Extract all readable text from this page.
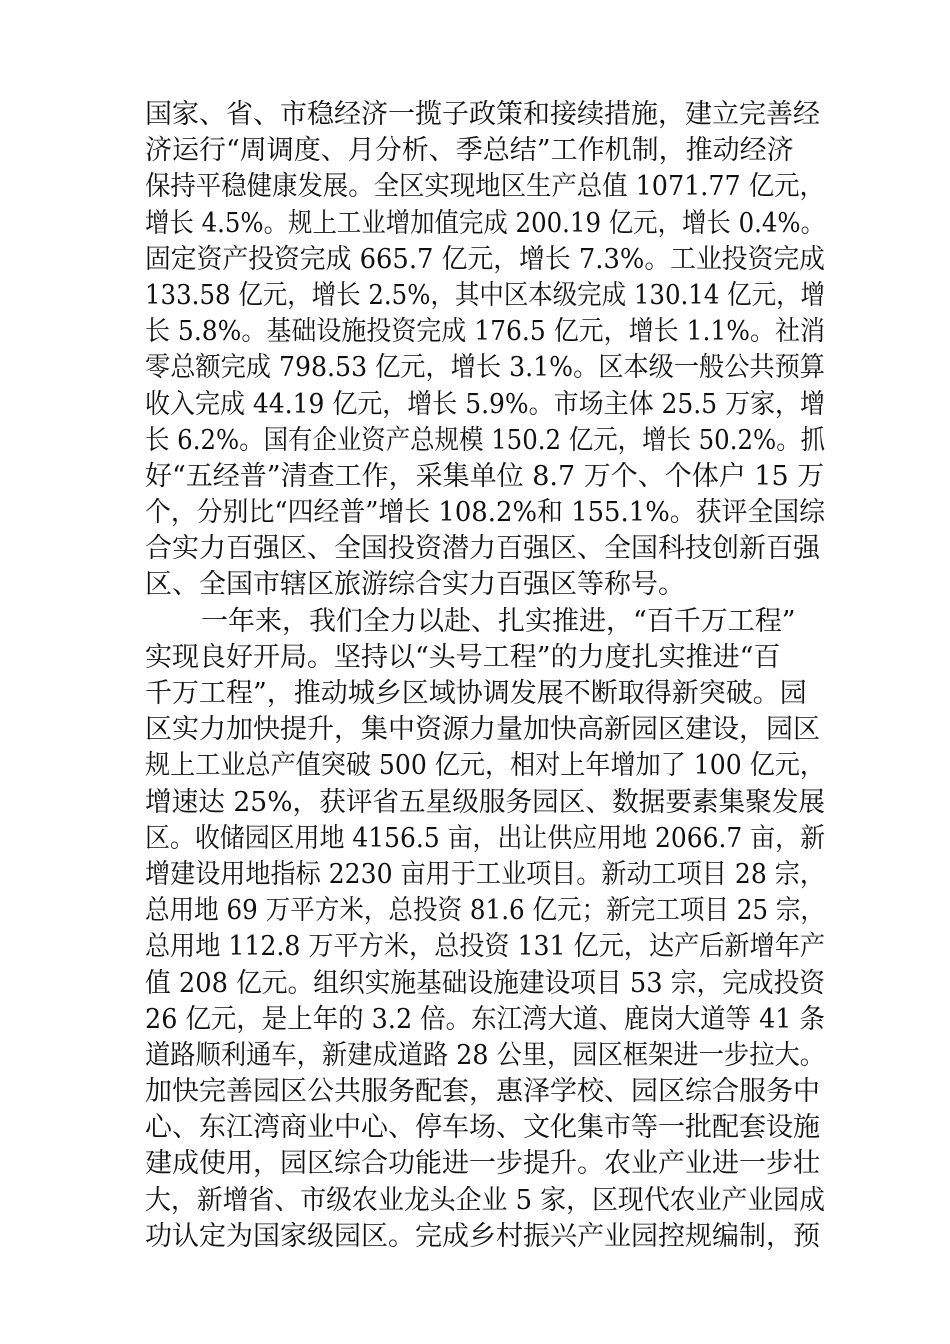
国家、省、市稳经济一揽子政策和接续措施，建立完善经
济运行“周调度、月分析、季总结”工作机制，推动经济
保持平稳健康发展。全区实现地区生产总值 1071.77 亿元，
增长 4.5%。规上工业增加值完成 200.19 亿元，增长 0.4%。
固定资产投资完成 665.7 亿元，增长 7.3%。工业投资完成
133.58 亿元，增长 2.5%，其中区本级完成 130.14 亿元，增
长 5.8%。基础设施投资完成 176.5 亿元，增长 1.1%。社消
零总额完成 798.53 亿元，增长 3.1%。区本级一般公共预算
收入完成 44.19 亿元，增长 5.9%。市场主体 25.5 万家，增
长 6.2%。国有企业资产总规模 150.2 亿元，增长 50.2%。抓
好“五经普”清查工作，采集单位 8.7 万个、个体户 15 万
个，分别比“四经普”增长 108.2%和 155.1%。获评全国综
合实力百强区、全国投资潜力百强区、全国科技创新百强
区、全国市辖区旅游综合实力百强区等称号。
一年来，我们全力以赴、扎实推进，“百千万工程”
实现良好开局。坚持以“头号工程”的力度扎实推进“百
千万工程”，推动城乡区域协调发展不断取得新突破。园
区实力加快提升，集中资源力量加快高新园区建设，园区
规上工业总产值突破 500 亿元，相对上年增加了 100 亿元，
增速达 25%，获评省五星级服务园区、数据要素集聚发展
区。收储园区用地 4156.5 亩，出让供应用地 2066.7 亩，新
增建设用地指标 2230 亩用于工业项目。新动工项目 28 宗，
总用地 69 万平方米，总投资 81.6 亿元；新完工项目 25 宗，
总用地 112.8 万平方米，总投资 131 亿元，达产后新增年产
值 208 亿元。组织实施基础设施建设项目 53 宗，完成投资
26 亿元，是上年的 3.2 倍。东江湾大道、鹿岗大道等 41 条
道路顺利通车，新建成道路 28 公里，园区框架进一步拉大。
加快完善园区公共服务配套，惠泽学校、园区综合服务中
心、东江湾商业中心、停车场、文化集市等一批配套设施
建成使用，园区综合功能进一步提升。农业产业进一步壮
大，新增省、市级农业龙头企业 5 家，区现代农业产业园成
功认定为国家级园区。完成乡村振兴产业园控规编制，预
